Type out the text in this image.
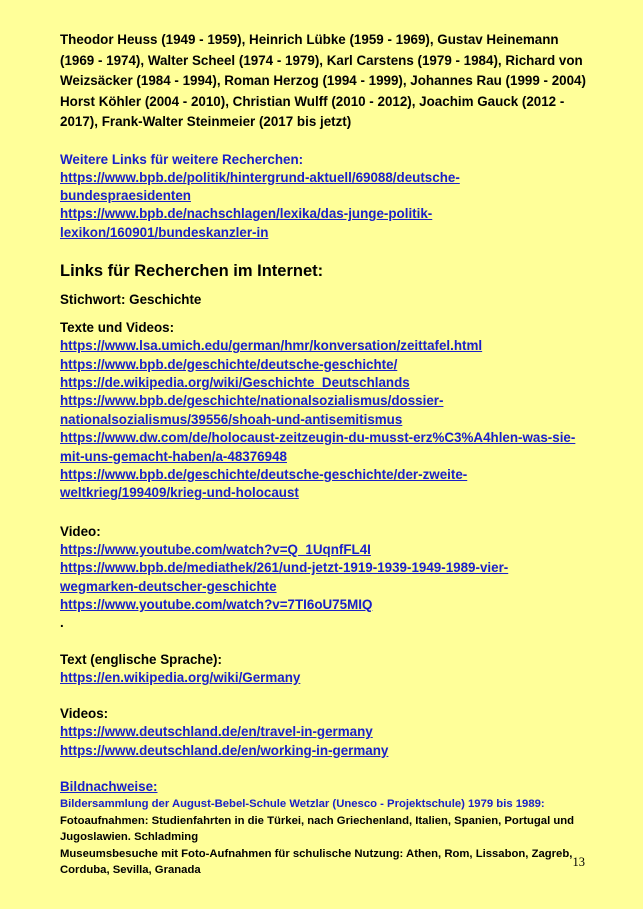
Theodor Heuss (1949 - 1959), Heinrich Lübke (1959 - 1969), Gustav Heinemann
(1969 - 1974), Walter Scheel (1974 - 1979), Karl Carstens (1979 - 1984), Richard von
Weizsäcker (1984 - 1994), Roman Herzog (1994 - 1999), Johannes Rau (1999 - 2004)
Horst Köhler (2004 - 2010), Christian Wulff (2010 - 2012), Joachim Gauck (2012 -
2017), Frank-Walter Steinmeier (2017 bis jetzt)
Weitere Links für weitere Recherchen:
https://www.bpb.de/politik/hintergrund-aktuell/69088/deutsche-
bundespraesidenten
https://www.bpb.de/nachschlagen/lexika/das-junge-politik-
lexikon/160901/bundeskanzler-in
Links für Recherchen im Internet:
Stichwort: Geschichte
Texte und Videos:
https://www.lsa.umich.edu/german/hmr/konversation/zeittafel.html
https://www.bpb.de/geschichte/deutsche-geschichte/
https://de.wikipedia.org/wiki/Geschichte_Deutschlands
https://www.bpb.de/geschichte/nationalsozialismus/dossier-
nationalsozialismus/39556/shoah-und-antisemitismus
https://www.dw.com/de/holocaust-zeitzeugin-du-musst-erz%C3%A4hlen-was-sie-
mit-uns-gemacht-haben/a-48376948
https://www.bpb.de/geschichte/deutsche-geschichte/der-zweite-
weltkrieg/199409/krieg-und-holocaust
Video:
https://www.youtube.com/watch?v=Q_1UqnfFL4I
https://www.bpb.de/mediathek/261/und-jetzt-1919-1939-1949-1989-vier-
wegmarken-deutscher-geschichte
https://www.youtube.com/watch?v=7TI6oU75MIQ
.
Text (englische Sprache):
https://en.wikipedia.org/wiki/Germany
Videos:
https://www.deutschland.de/en/travel-in-germany
https://www.deutschland.de/en/working-in-germany
Bildnachweise:
Bildersammlung der August-Bebel-Schule Wetzlar (Unesco - Projektschule) 1979 bis 1989:
Fotoaufnahmen: Studienfahrten in die Türkei, nach Griechenland, Italien, Spanien, Portugal und Jugoslawien. Schladming
Museumsbesuche mit Foto-Aufnahmen für schulische Nutzung: Athen, Rom, Lissabon, Zagreb, Corduba, Sevilla, Granada
13
